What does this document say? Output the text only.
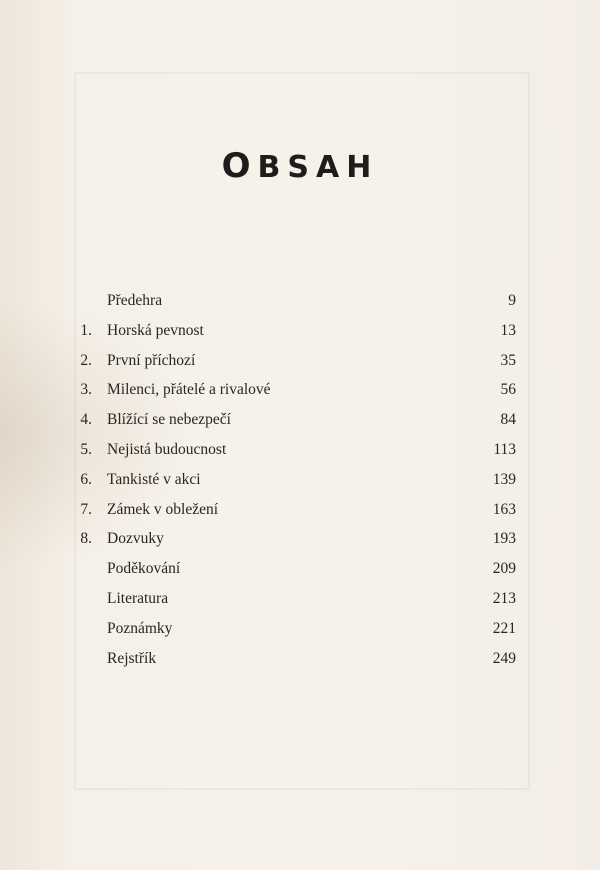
OBSAH
Předehra	9
1. Horská pevnost	13
2. První příchozí	35
3. Milenci, přátelé a rivalové	56
4. Blížící se nebezpečí	84
5. Nejistá budoucnost	113
6. Tankisté v akci	139
7. Zámek v obležení	163
8. Dozvuky	193
Poděkování	209
Literatura	213
Poznámky	221
Rejstřík	249
